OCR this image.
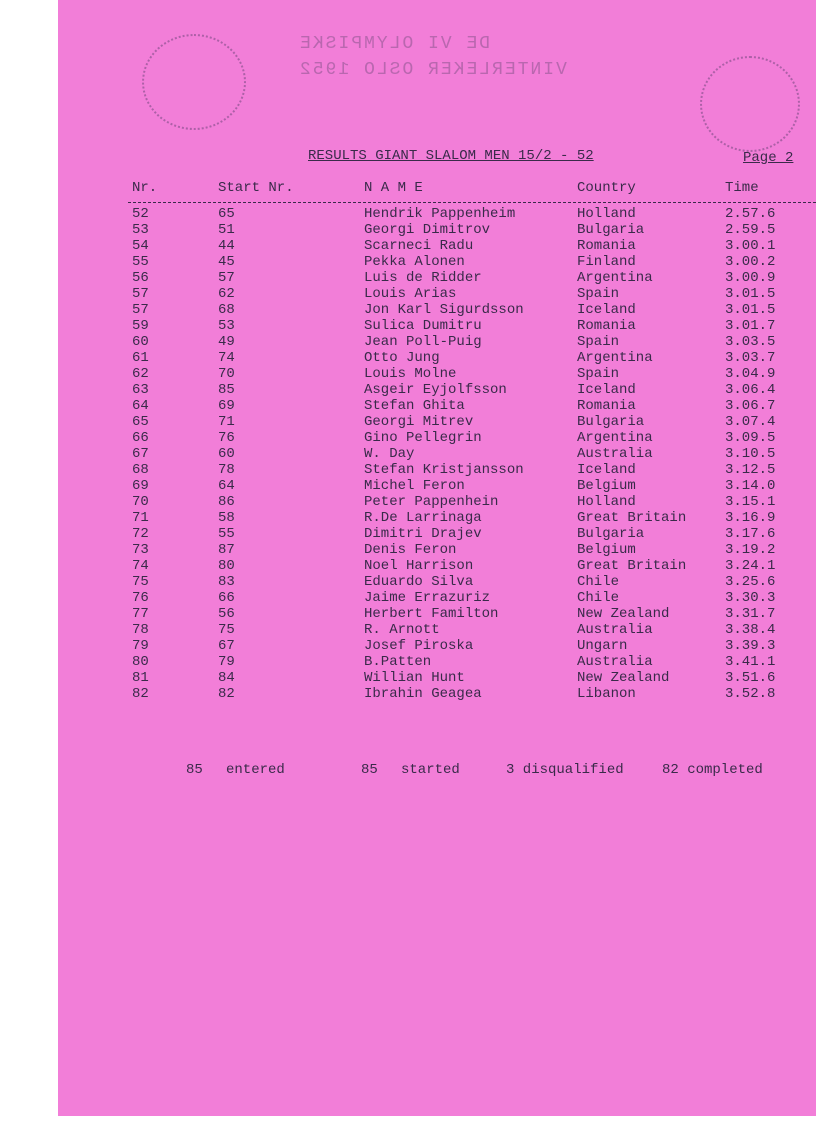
DE VI OLYMPISKE
VINTERLEKER OSLO 1952
RESULTS GIANT SLALOM MEN 15/2 - 52	Page 2
Nr.	Start Nr.	N A M E	Country	Time
52	65	Hendrik Pappenheim	Holland	2.57.6
53	51	Georgi Dimitrov	Bulgaria	2.59.5
54	44	Scarneci Radu	Romania	3.00.1
55	45	Pekka Alonen	Finland	3.00.2
56	57	Luis de Ridder	Argentina	3.00.9
57	62	Louis Arias	Spain	3.01.5
57	68	Jon Karl Sigurdsson	Iceland	3.01.5
59	53	Sulica Dumitru	Romania	3.01.7
60	49	Jean Poll-Puig	Spain	3.03.5
61	74	Otto Jung	Argentina	3.03.7
62	70	Louis Molne	Spain	3.04.9
63	85	Asgeir Eyjolfsson	Iceland	3.06.4
64	69	Stefan Ghita	Romania	3.06.7
65	71	Georgi Mitrev	Bulgaria	3.07.4
66	76	Gino Pellegrin	Argentina	3.09.5
67	60	W. Day	Australia	3.10.5
68	78	Stefan Kristjansson	Iceland	3.12.5
69	64	Michel Feron	Belgium	3.14.0
70	86	Peter Pappenhein	Holland	3.15.1
71	58	R.De Larrinaga	Great Britain	3.16.9
72	55	Dimitri Drajev	Bulgaria	3.17.6
73	87	Denis Feron	Belgium	3.19.2
74	80	Noel Harrison	Great Britain	3.24.1
75	83	Eduardo Silva	Chile	3.25.6
76	66	Jaime Errazuriz	Chile	3.30.3
77	56	Herbert Familton	New Zealand	3.31.7
78	75	R. Arnott	Australia	3.38.4
79	67	Josef Piroska	Ungarn	3.39.3
80	79	B.Patten	Australia	3.41.1
81	84	Willian Hunt	New Zealand	3.51.6
82	82	Ibrahin Geagea	Libanon	3.52.8
85 entered	85 started	3 disqualified	82 completed
